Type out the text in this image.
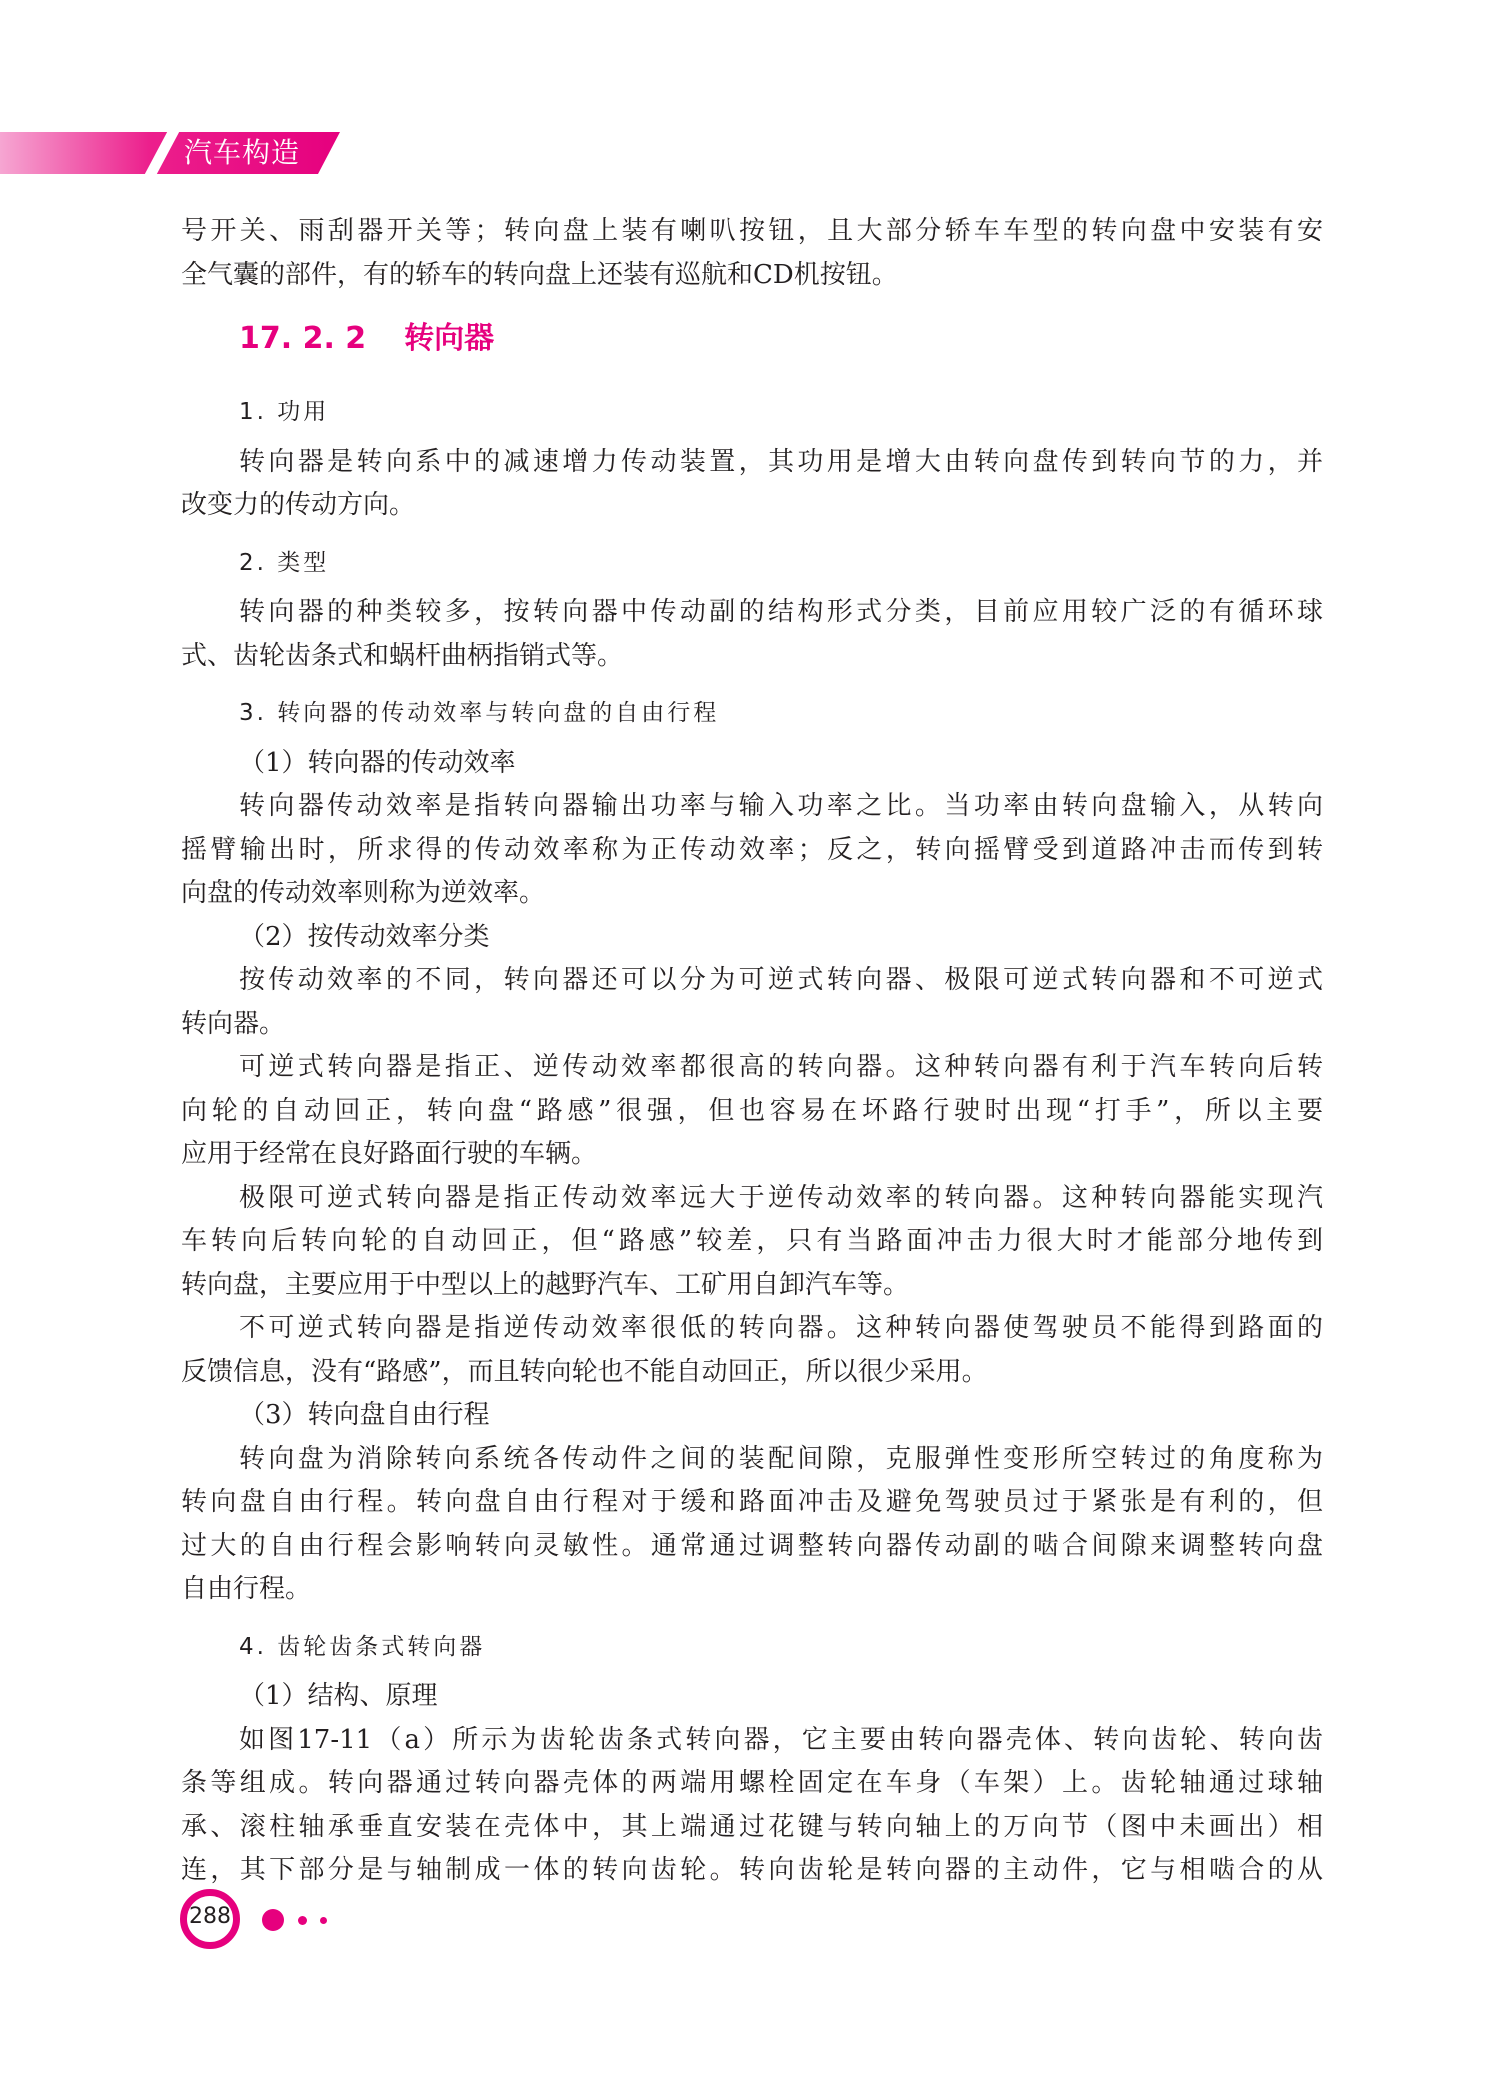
汽车构造
号开关、雨刮器开关等；转向盘上装有喇叭按钮，且大部分轿车车型的转向盘中安装有安
全气囊的部件，有的轿车的转向盘上还装有巡航和CD机按钮。
17. 2. 2 转向器
1. 功用
转向器是转向系中的减速增力传动装置，其功用是增大由转向盘传到转向节的力，并
改变力的传动方向。
2. 类型
转向器的种类较多，按转向器中传动副的结构形式分类，目前应用较广泛的有循环球
式、齿轮齿条式和蜗杆曲柄指销式等。
3. 转向器的传动效率与转向盘的自由行程
（1）转向器的传动效率
转向器传动效率是指转向器输出功率与输入功率之比。当功率由转向盘输入，从转向
摇臂输出时，所求得的传动效率称为正传动效率；反之，转向摇臂受到道路冲击而传到转
向盘的传动效率则称为逆效率。
（2）按传动效率分类
按传动效率的不同，转向器还可以分为可逆式转向器、极限可逆式转向器和不可逆式
转向器。
可逆式转向器是指正、逆传动效率都很高的转向器。这种转向器有利于汽车转向后转
向轮的自动回正，转向盘“路感”很强，但也容易在坏路行驶时出现“打手”，所以主要
应用于经常在良好路面行驶的车辆。
极限可逆式转向器是指正传动效率远大于逆传动效率的转向器。这种转向器能实现汽
车转向后转向轮的自动回正，但“路感”较差，只有当路面冲击力很大时才能部分地传到
转向盘，主要应用于中型以上的越野汽车、工矿用自卸汽车等。
不可逆式转向器是指逆传动效率很低的转向器。这种转向器使驾驶员不能得到路面的
反馈信息，没有“路感”，而且转向轮也不能自动回正，所以很少采用。
（3）转向盘自由行程
转向盘为消除转向系统各传动件之间的装配间隙，克服弹性变形所空转过的角度称为
转向盘自由行程。转向盘自由行程对于缓和路面冲击及避免驾驶员过于紧张是有利的，但
过大的自由行程会影响转向灵敏性。通常通过调整转向器传动副的啮合间隙来调整转向盘
自由行程。
4. 齿轮齿条式转向器
（1）结构、原理
如图17-11（a）所示为齿轮齿条式转向器，它主要由转向器壳体、转向齿轮、转向齿
条等组成。转向器通过转向器壳体的两端用螺栓固定在车身（车架）上。齿轮轴通过球轴
承、滚柱轴承垂直安装在壳体中，其上端通过花键与转向轴上的万向节（图中未画出）相
连，其下部分是与轴制成一体的转向齿轮。转向齿轮是转向器的主动件，它与相啮合的从
288
